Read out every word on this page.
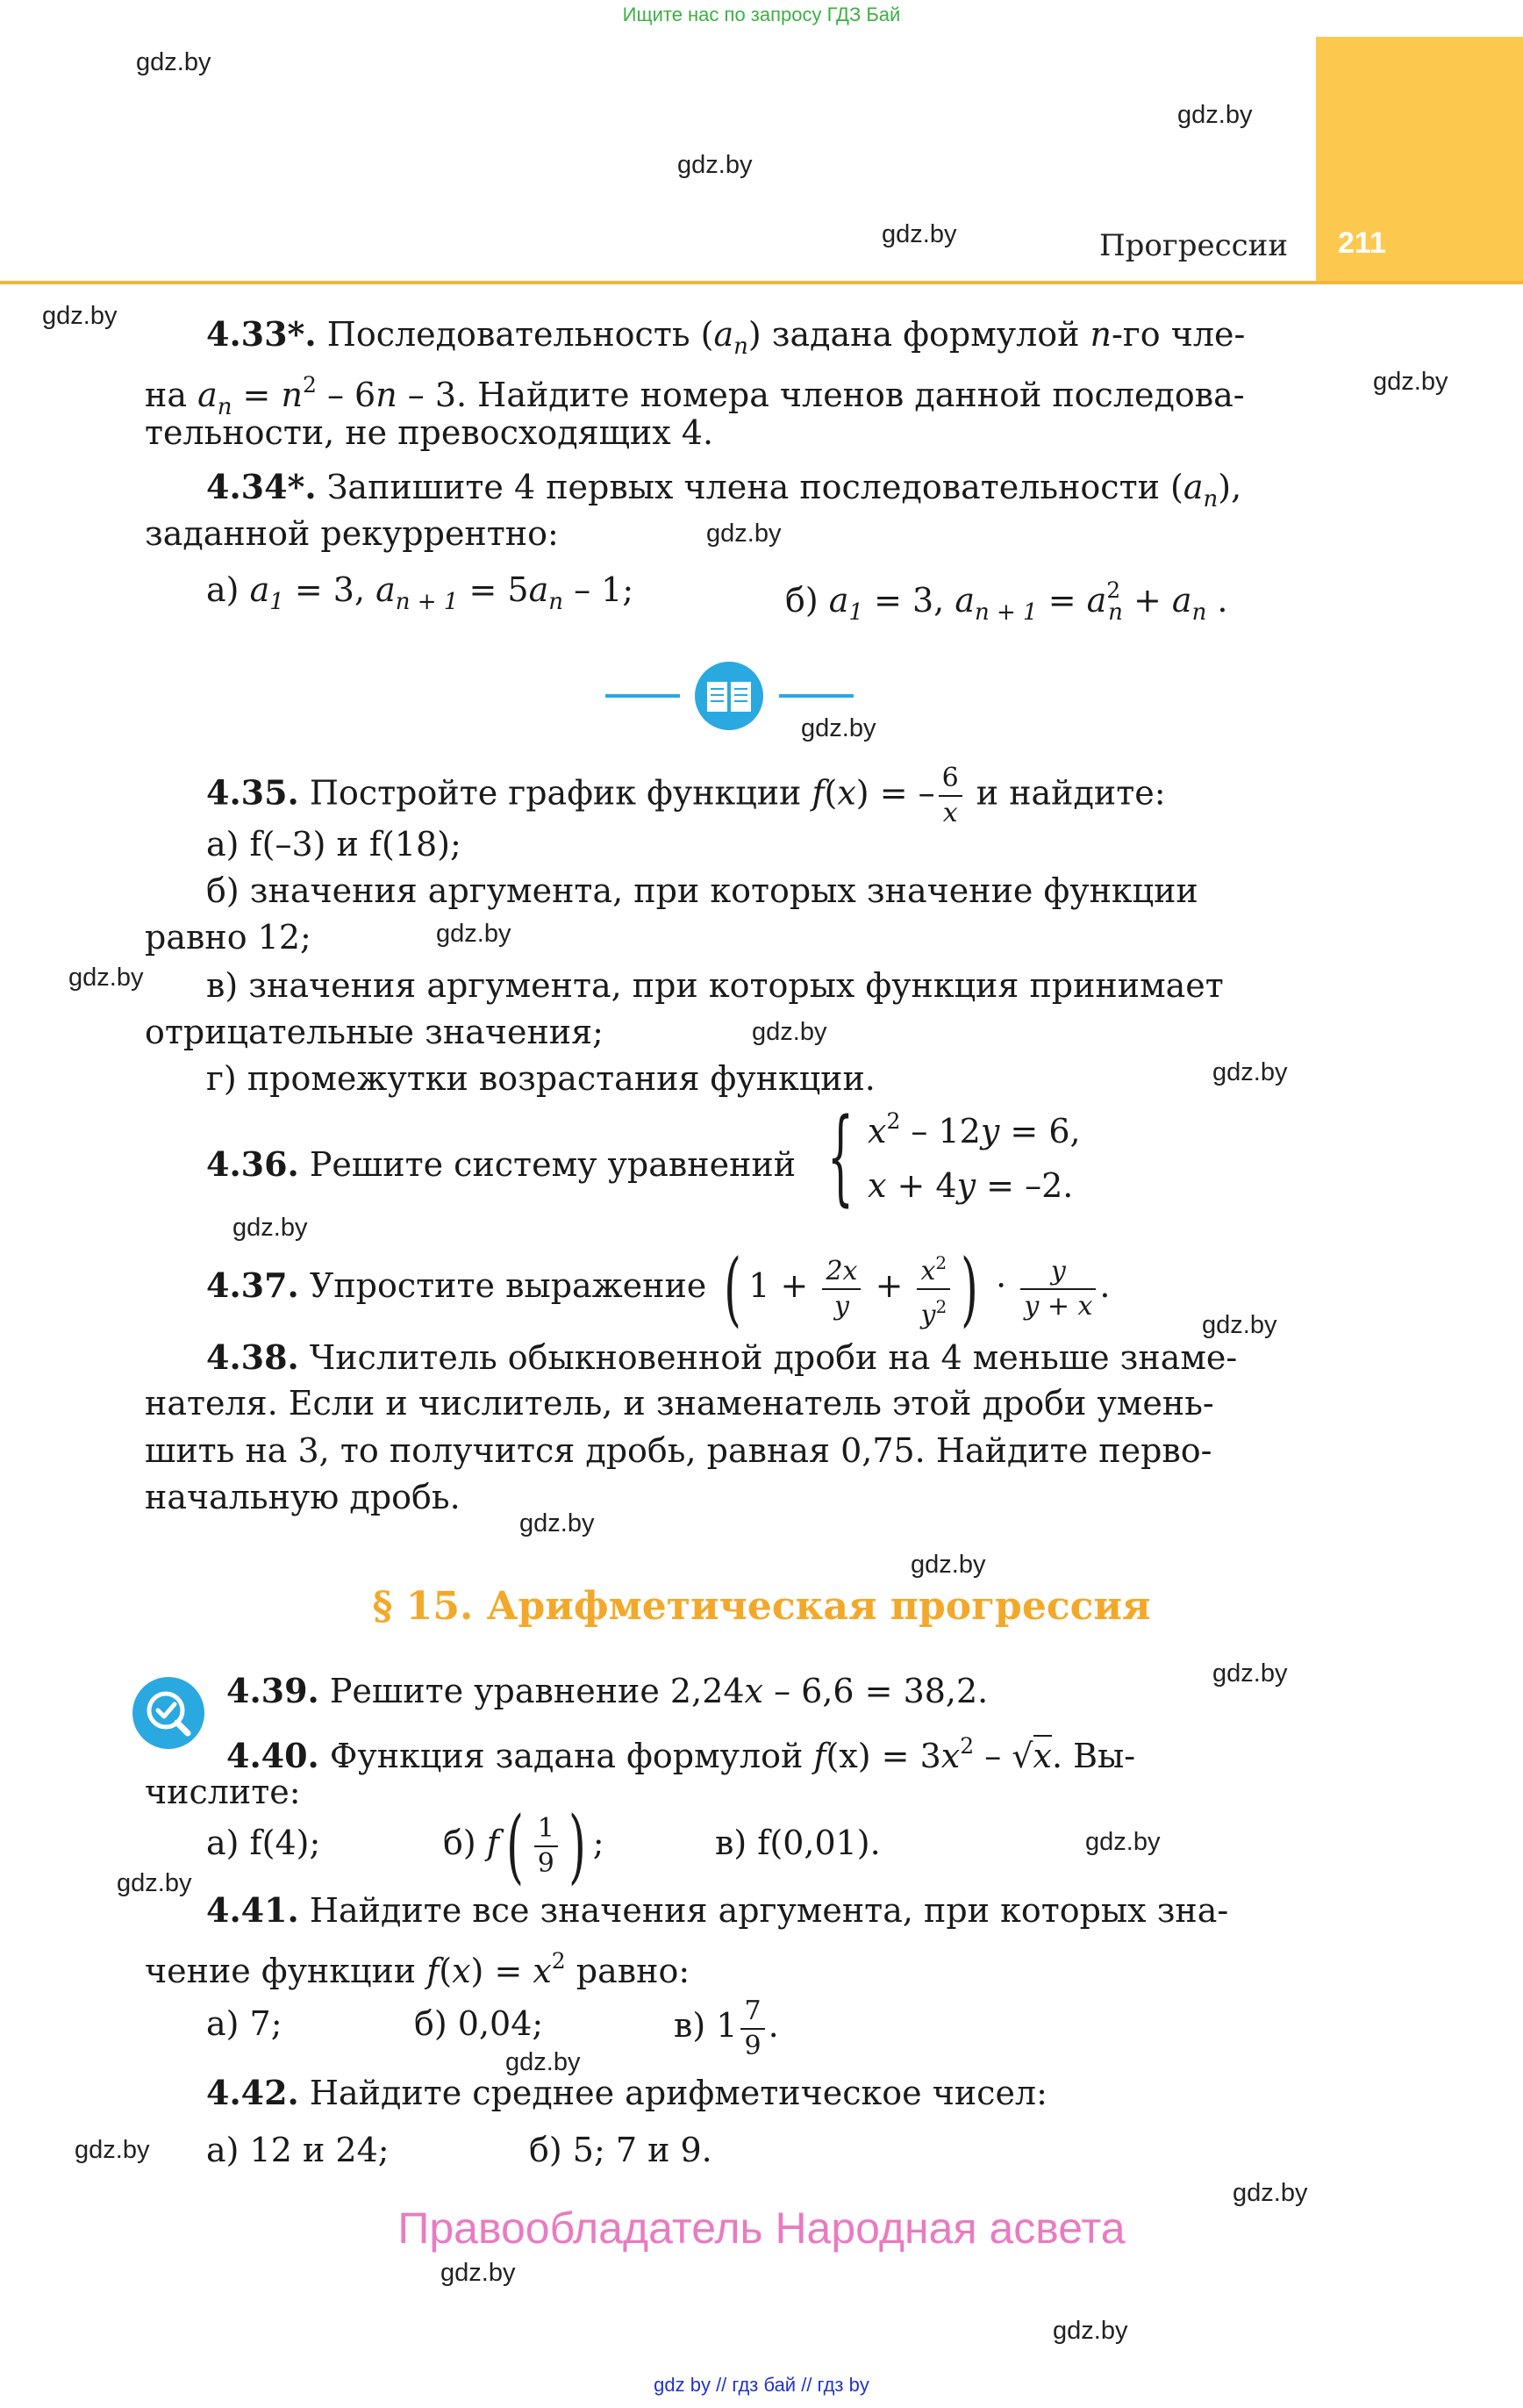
Ищите нас по запросу ГДЗ Бай
211
Прогрессии
gdz.by
gdz.by
gdz.by
gdz.by
gdz.by
gdz.by
gdz.by
gdz.by
gdz.by
gdz.by
gdz.by
gdz.by
gdz.by
gdz.by
gdz.by
gdz.by
gdz.by
gdz.by
gdz.by
gdz.by
gdz.by
gdz.by
gdz.by
gdz.by
4.33*. Последовательность $(a_n)$ задана формулой n-го чле-
на $a_n = n^2 - 6n - 3$. Найдите номера членов данной последова-
тельности, не превосходящих 4.
4.34*. Запишите 4 первых члена последовательности $(a_n)$,
заданной рекуррентно:
а) $a_1 = 3$, $a_{n + 1} = 5a_n - 1$;	б) $a_1 = 3$, $a_{n + 1} = a^2_n + a_n$ .
4.35. Постройте график функции f(x) = – $\frac{6}{x}$ и найдите:
а) f(–3) и f(18);
б) значения аргумента, при которых значение функции
равно 12;
в) значения аргумента, при которых функция принимает
отрицательные значения;
г) промежутки возрастания функции.
4.36. Решите систему уравнений { $x^2 - 12y = 6$,
x + 4y = –2.
4.37. Упростите выражение ( $1 + \frac{2x}{y} + \frac{x^2}{y^2}$ ) · $\frac{y}{y + x}$ .
4.38. Числитель обыкновенной дроби на 4 меньше знаме-
нателя. Если и числитель, и знаменатель этой дроби умень-
шить на 3, то получится дробь, равная 0,75. Найдите перво-
начальную дробь.
§ 15. Арифметическая прогрессия
4.39. Решите уравнение 2,24x – 6,6 = 38,2.
4.40. Функция задана формулой $f(x) = 3x^2 - √x$. Вы-
числите:
а) f(4);	б) $f( \frac{1}{9}$ ) ;	в) f(0,01).
4.41. Найдите все значения аргумента, при которых зна-
чение функции $f(x) = x^2$ равно:
а) 7;	б) 0,04;	в) $1 \frac{7}{9}$ .
4.42. Найдите среднее арифметическое чисел:
а) 12 и 24;	б) 5; 7 и 9.
Правообладатель Народная асвета
gdz by // гдз бай // гдз by
